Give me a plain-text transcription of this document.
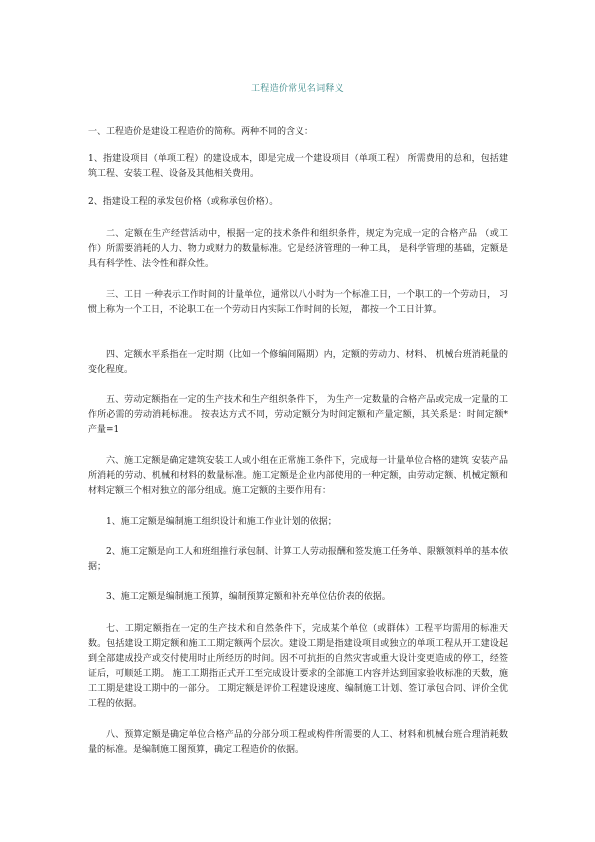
工程造价常见名词释义

一、工程造价是建设工程造价的简称。两种不同的含义：

1、指建设项目（单项工程）的建设成本，即是完成一个建设项目（单项工程） 所需费用的总和，包括建筑工程、安装工程、设备及其他相关费用。

2、指建设工程的承发包价格（或称承包价格）。

二、定额在生产经营活动中，根据一定的技术条件和组织条件，规定为完成一定的合格产品 （或工作）所需要消耗的人力、物力或财力的数量标准。它是经济管理的一种工具， 是科学管理的基础，定额是具有科学性、法令性和群众性。

三、工日 一种表示工作时间的计量单位，通常以八小时为一个标准工日，一个职工的一个劳动日， 习惯上称为一个工日，不论职工在一个劳动日内实际工作时间的长短， 都按一个工日计算。

四、定额水平系指在一定时期（比如一个修编间隔期）内，定额的劳动力、材料、 机械台班消耗量的变化程度。

五、劳动定额指在一定的生产技术和生产组织条件下， 为生产一定数量的合格产品或完成一定量的工作所必需的劳动消耗标准。 按表达方式不同，劳动定额分为时间定额和产量定额，其关系是：时间定额*产量=1

六、施工定额是确定建筑安装工人或小组在正常施工条件下，完成每一计量单位合格的建筑 安装产品所消耗的劳动、机械和材料的数量标准。施工定额是企业内部使用的一种定额，由劳动定额、机械定额和材料定额三个相对独立的部分组成。施工定额的主要作用有：

1、施工定额是编制施工组织设计和施工作业计划的依据；

2、施工定额是向工人和班组推行承包制、计算工人劳动报酬和签发施工任务单、限额领料单的基本依据；

3、施工定额是编制施工预算，编制预算定额和补充单位估价表的依据。

七、工期定额指在一定的生产技术和自然条件下，完成某个单位（或群体）工程平均需用的标准天数。包括建设工期定额和施工工期定额两个层次。建设工期是指建设项目或独立的单项工程从开工建设起到全部建成投产或交付使用时止所经历的时间。因不可抗拒的自然灾害或重大设计变更造成的停工，经签证后，可顺延工期。 施工工期指正式开工至完成设计要求的全部施工内容并达到国家验收标准的天数，施工工期是建设工期中的一部分。 工期定额是评价工程建设速度、编制施工计划、签订承包合同、评价全优工程的依据。

八、预算定额是确定单位合格产品的分部分项工程或构件所需要的人工、材料和机械台班合理消耗数量的标准。是编制施工图预算，确定工程造价的依据。
